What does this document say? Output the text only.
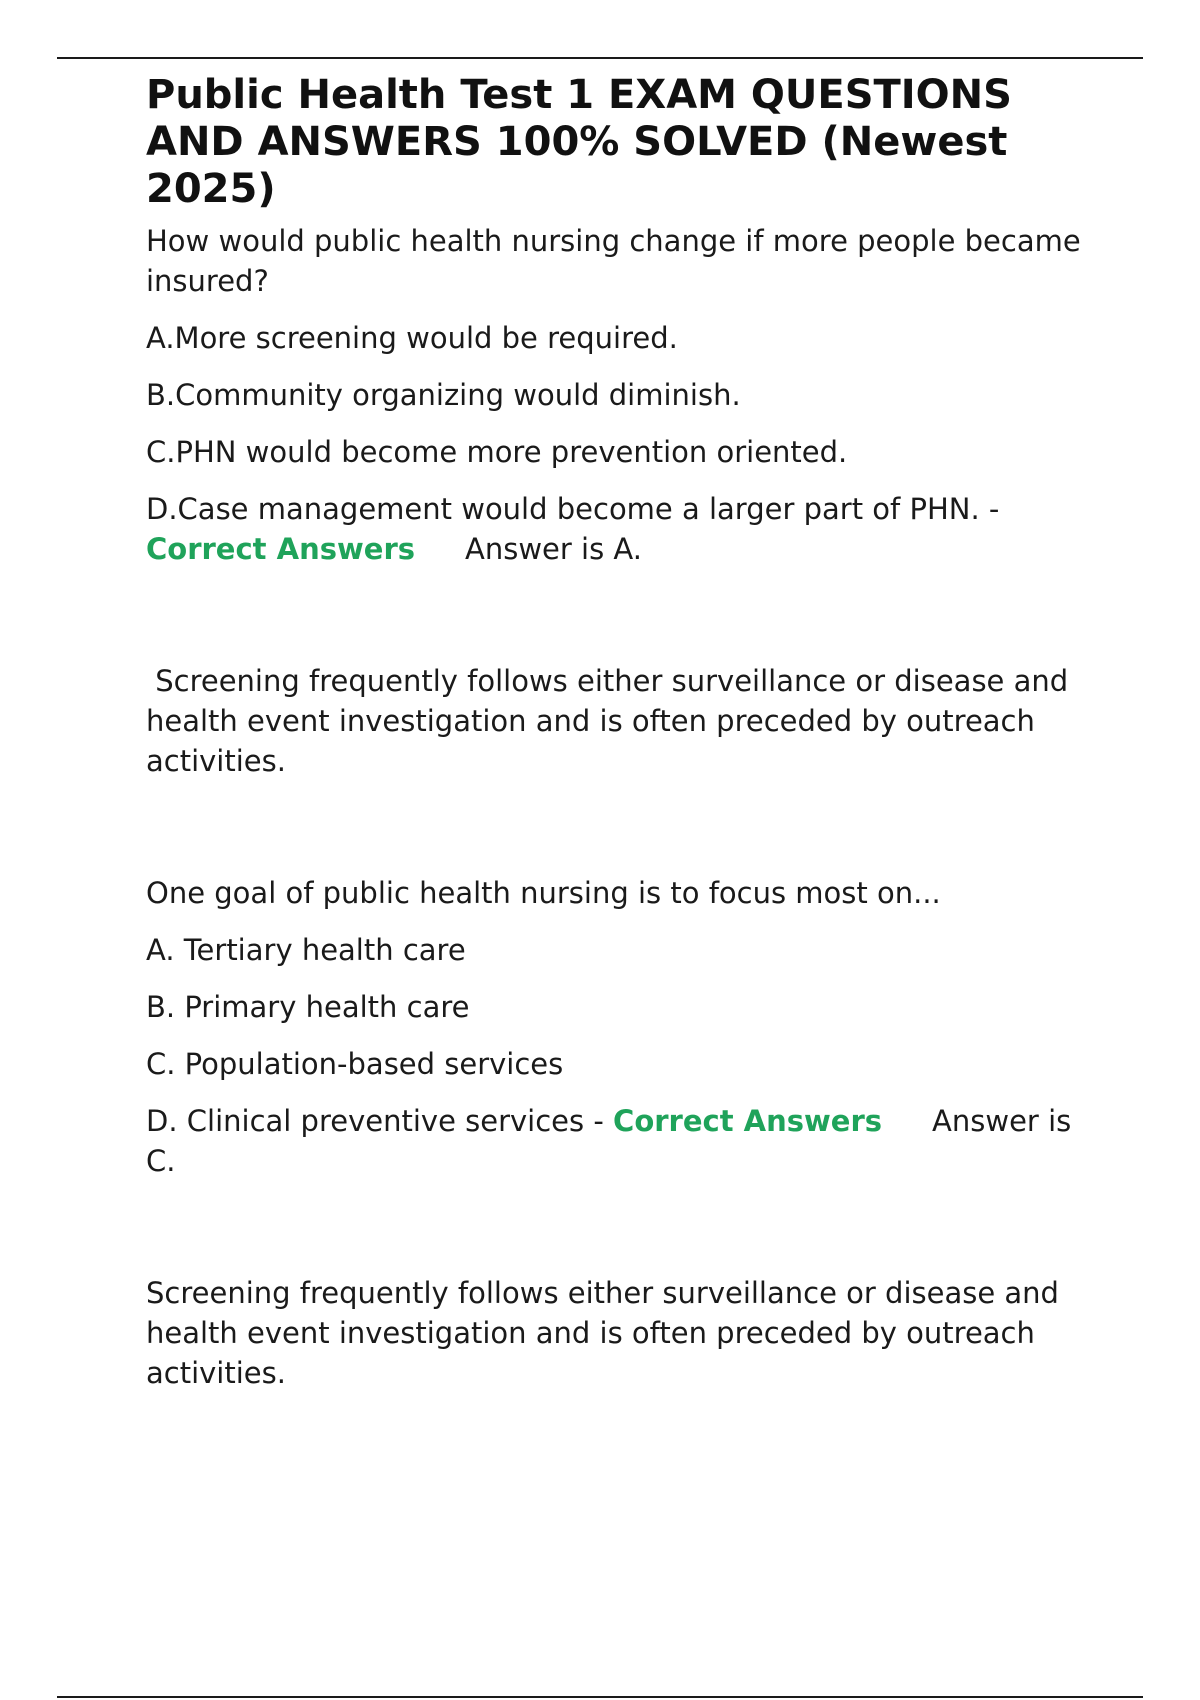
Public Health Test 1 EXAM QUESTIONS AND ANSWERS 100% SOLVED (Newest 2025)

How would public health nursing change if more people became insured?

A.More screening would be required.

B.Community organizing would diminish.

C.PHN would become more prevention oriented.

D.Case management would become a larger part of PHN. -
Correct Answers Answer is A.

Screening frequently follows either surveillance or disease and health event investigation and is often preceded by outreach activities.

One goal of public health nursing is to focus most on...

A. Tertiary health care

B. Primary health care

C. Population-based services

D. Clinical preventive services - Correct Answers Answer is C.

Screening frequently follows either surveillance or disease and health event investigation and is often preceded by outreach activities.
